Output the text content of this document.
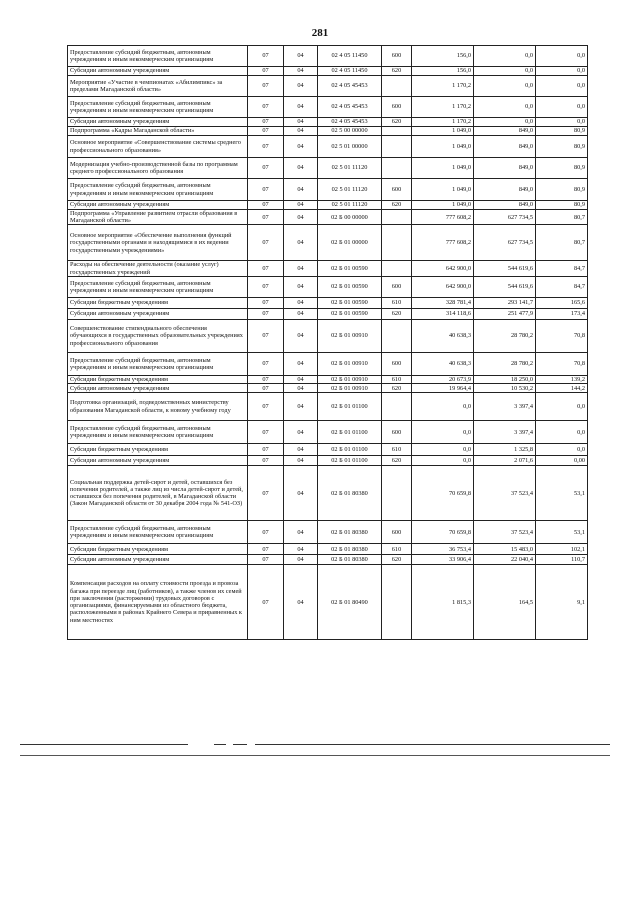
281
Предоставление субсидий бюджетным, автономным учреждениям и иным некоммерческим организациям	07	04	02 4 05 11450	600	156,0	0,0	0,0
Субсидии автономным учреждениям	07	04	02 4 05 11450	620	156,0	0,0	0,0
Мероприятие «Участие в чемпионатах «Абилимпикс» за пределами Магаданской области»	07	04	02 4 05 45453		1 170,2	0,0	0,0
Предоставление субсидий бюджетным, автономным учреждениям и иным некоммерческим организациям	07	04	02 4 05 45453	600	1 170,2	0,0	0,0
Субсидии автономным учреждениям	07	04	02 4 05 45453	620	1 170,2	0,0	0,0
Подпрограмма «Кадры Магаданской области»	07	04	02 5 00 00000		1 049,0	849,0	80,9
Основное мероприятие «Совершенствование системы среднего профессионального образования»	07	04	02 5 01 00000		1 049,0	849,0	80,9
Модернизация учебно-производственной базы по программам среднего профессионального образования	07	04	02 5 01 11120		1 049,0	849,0	80,9
Предоставление субсидий бюджетным, автономным учреждениям и иным некоммерческим организациям	07	04	02 5 01 11120	600	1 049,0	849,0	80,9
Субсидии автономным учреждениям	07	04	02 5 01 11120	620	1 049,0	849,0	80,9
Подпрограмма «Управление развитием отрасли образования в Магаданской области»	07	04	02 Б 00 00000		777 608,2	627 734,5	80,7
Основное мероприятие «Обеспечение выполнения функций государственными органами и находящимися в их ведении государственными учреждениями»	07	04	02 Б 01 00000		777 608,2	627 734,5	80,7
Расходы на обеспечение деятельности (оказание услуг) государственных учреждений	07	04	02 Б 01 00590		642 900,0	544 619,6	84,7
Предоставление субсидий бюджетным, автономным учреждениям и иным некоммерческим организациям	07	04	02 Б 01 00590	600	642 900,0	544 619,6	84,7
Субсидии бюджетным учреждениям	07	04	02 Б 01 00590	610	328 781,4	293 141,7	165,6
Субсидии автономным учреждениям	07	04	02 Б 01 00590	620	314 118,6	251 477,9	173,4
Совершенствование стипендиального обеспечения обучающихся в государственных образовательных учреждениях профессионального образования	07	04	02 Б 01 00910		40 638,3	28 780,2	70,8
Предоставление субсидий бюджетным, автономным учреждениям и иным некоммерческим организациям	07	04	02 Б 01 00910	600	40 638,3	28 780,2	70,8
Субсидии бюджетным учреждениям	07	04	02 Б 01 00910	610	20 673,9	18 250,0	139,2
Субсидии автономным учреждениям	07	04	02 Б 01 00910	620	19 964,4	10 530,2	144,2
Подготовка организаций, подведомственных министерству образования Магаданской области, к новому учебному году	07	04	02 Б 01 01100		0,0	3 397,4	0,0
Предоставление субсидий бюджетным, автономным учреждениям и иным некоммерческим организациям	07	04	02 Б 01 01100	600	0,0	3 397,4	0,0
Субсидии бюджетным учреждениям	07	04	02 Б 01 01100	610	0,0	1 325,8	0,0
Субсидии автономным учреждениям	07	04	02 Б 01 01100	620	0,0	2 071,6	0,00
Социальная поддержка детей-сирот и детей, оставшихся без попечения родителей, а также лиц из числа детей-сирот и детей, оставшихся без попечения родителей, в Магаданской области (Закон Магаданской области от 30 декабря 2004 года № 541-ОЗ)	07	04	02 Б 01 80380		70 659,8	37 523,4	53,1
Предоставление субсидий бюджетным, автономным учреждениям и иным некоммерческим организациям	07	04	02 Б 01 80380	600	70 659,8	37 523,4	53,1
Субсидии бюджетным учреждениям	07	04	02 Б 01 80380	610	36 753,4	15 483,0	102,1
Субсидии автономным учреждениям	07	04	02 Б 01 80380	620	33 906,4	22 040,4	110,7
Компенсация расходов на оплату стоимости проезда и провоза багажа при переезде лиц (работников), а также членов их семей при заключении (расторжении) трудовых договоров с организациями, финансируемыми из областного бюджета, расположенными в районах Крайнего Севера и приравненных к ним местностях	07	04	02 Б 01 80490		1 815,3	164,5	9,1
